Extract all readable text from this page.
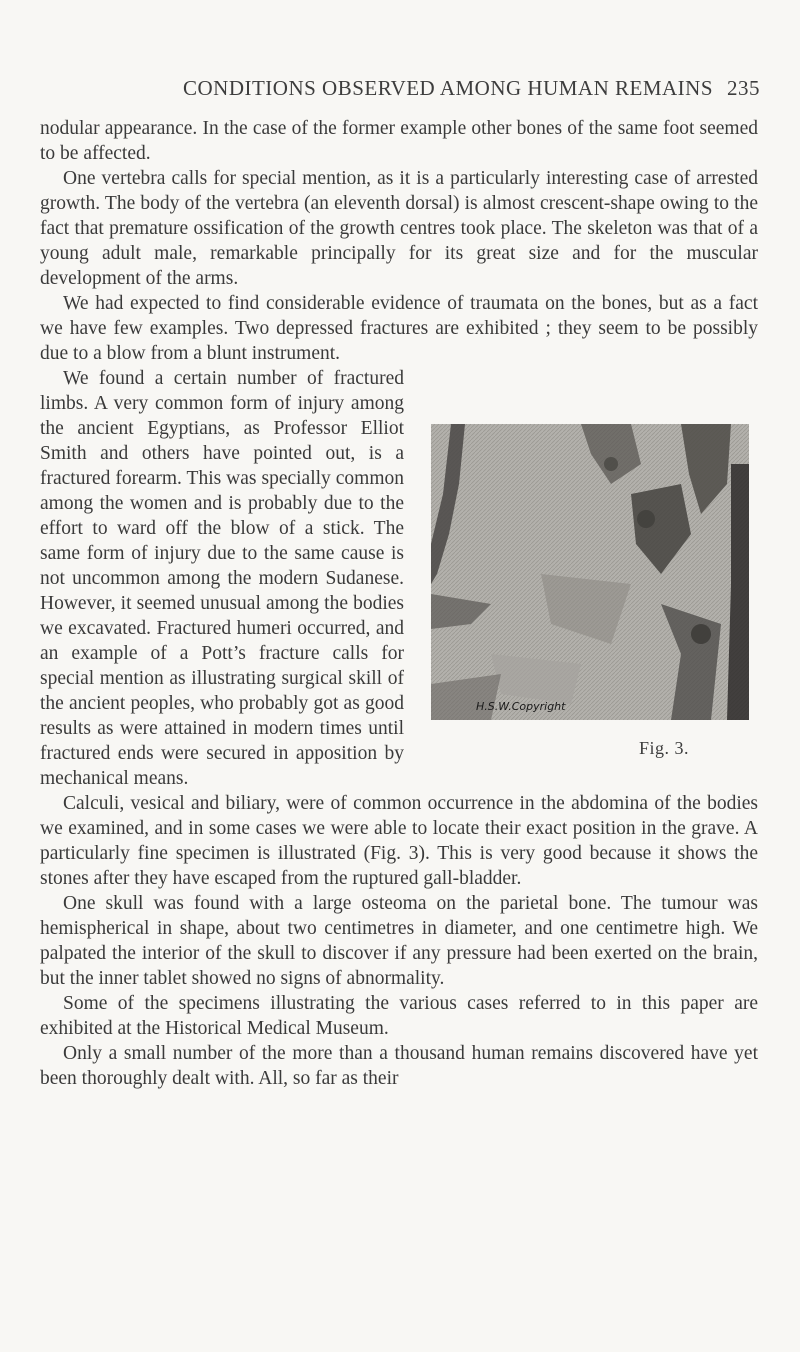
CONDITIONS OBSERVED AMONG HUMAN REMAINS 235

nodular appearance. In the case of the former example other bones of the same foot seemed to be affected.

One vertebra calls for special mention, as it is a particularly interesting case of arrested growth. The body of the vertebra (an eleventh dorsal) is almost crescent-shape owing to the fact that premature ossification of the growth centres took place. The skeleton was that of a young adult male, remarkable principally for its great size and for the muscular development of the arms.

We had expected to find considerable evidence of traumata on the bones, but as a fact we have few examples. Two depressed fractures are exhibited ; they seem to be possibly due to a blow from a blunt instrument.

H.S.W.Copyright
Fig. 3.
We found a certain number of fractured limbs. A very common form of injury among the ancient Egyptians, as Professor Elliot Smith and others have pointed out, is a fractured forearm. This was specially common among the women and is probably due to the effort to ward off the blow of a stick. The same form of injury due to the same cause is not uncommon among the modern Sudanese. However, it seemed unusual among the bodies we excavated. Fractured humeri occurred, and an example of a Pott’s fracture calls for special mention as illustrating surgical skill of the ancient peoples, who probably got as good results as were attained in modern times until fractured ends were secured in apposition by mechanical means.

Calculi, vesical and biliary, were of common occurrence in the abdomina of the bodies we examined, and in some cases we were able to locate their exact position in the grave. A particularly fine specimen is illustrated (Fig. 3). This is very good because it shows the stones after they have escaped from the ruptured gall-bladder.

One skull was found with a large osteoma on the parietal bone. The tumour was hemispherical in shape, about two centimetres in diameter, and one centimetre high. We palpated the interior of the skull to discover if any pressure had been exerted on the brain, but the inner tablet showed no signs of abnormality.

Some of the specimens illustrating the various cases referred to in this paper are exhibited at the Historical Medical Museum.

Only a small number of the more than a thousand human remains discovered have yet been thoroughly dealt with. All, so far as their
